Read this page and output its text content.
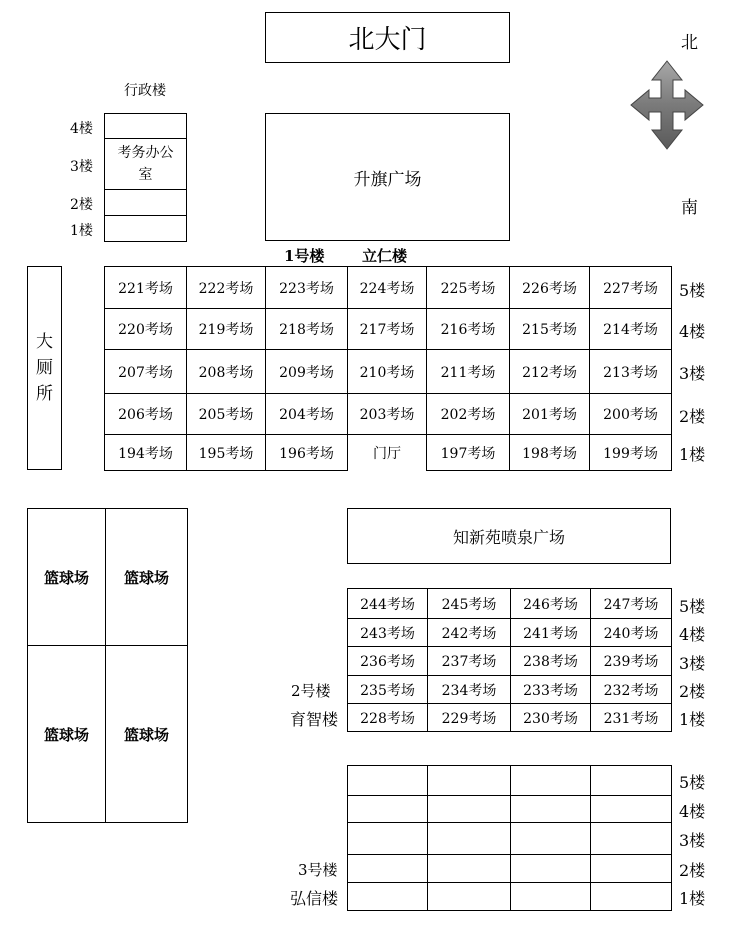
北大门	北
南
行政楼
4楼
3楼
2楼
1楼
考务办公室	升旗广场
1号楼	立仁楼
大厕所
221考场	222考场	223考场	224考场	225考场	226考场	227考场
220考场	219考场	218考场	217考场	216考场	215考场	214考场
207考场	208考场	209考场	210考场	211考场	212考场	213考场
206考场	205考场	204考场	203考场	202考场	201考场	200考场
194考场	195考场	196考场	门厅	197考场	198考场	199考场
5楼
4楼
3楼
2楼
1楼
篮球场	篮球场
篮球场	篮球场
知新苑喷泉广场
244考场	245考场	246考场	247考场
243考场	242考场	241考场	240考场
236考场	237考场	238考场	239考场
235考场	234考场	233考场	232考场
228考场	229考场	230考场	231考场
2号楼
育智楼
5楼
4楼
3楼
2楼
1楼

3号楼
弘信楼
5楼
4楼
3楼
2楼
1楼
